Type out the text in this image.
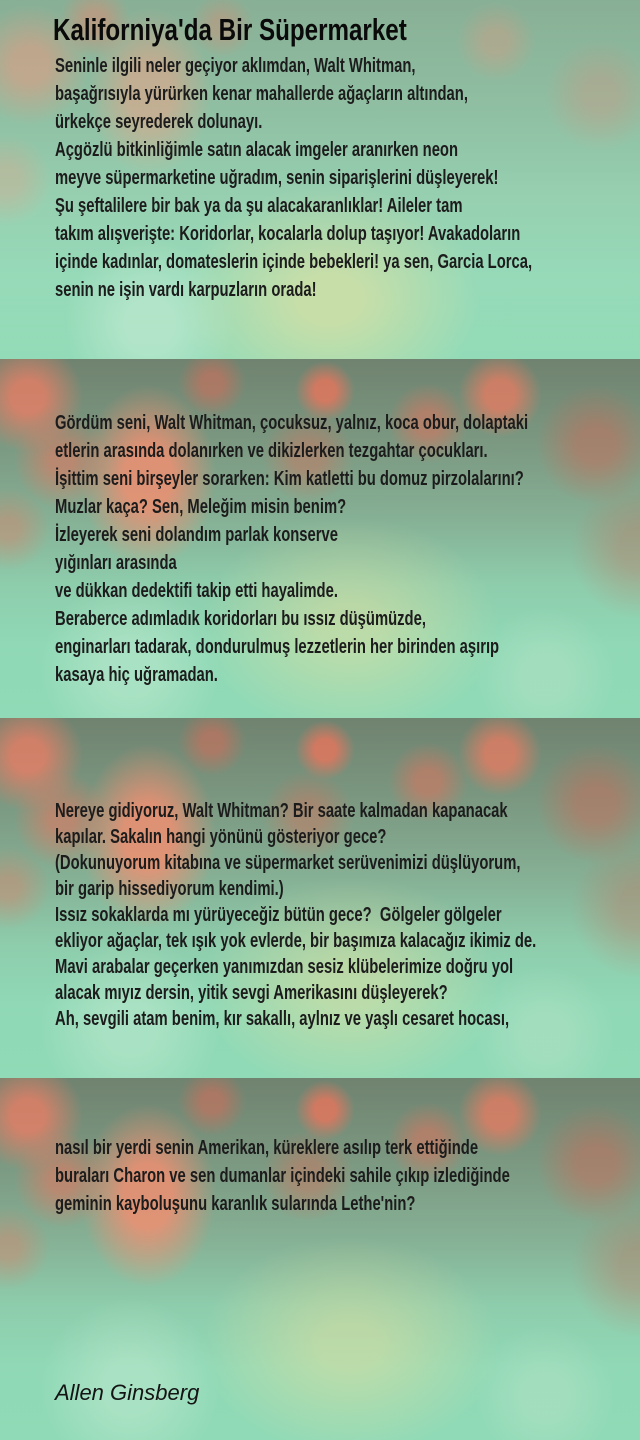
Kaliforniya'da Bir Süpermarket
Seninle ilgili neler geçiyor aklımdan, Walt Whitman,
başağrısıyla yürürken kenar mahallerde ağaçların altından,
ürkekçe seyrederek dolunayı.
Açgözlü bitkinliğimle satın alacak imgeler aranırken neon
meyve süpermarketine uğradım, senin siparişlerini düşleyerek!
Şu şeftalilere bir bak ya da şu alacakaranlıklar! Aileler tam
takım alışverişte: Koridorlar, kocalarla dolup taşıyor! Avakadoların
içinde kadınlar, domateslerin içinde bebekleri! ya sen, Garcia Lorca,
senin ne işin vardı karpuzların orada!
Gördüm seni, Walt Whitman, çocuksuz, yalnız, koca obur, dolaptaki
etlerin arasında dolanırken ve dikizlerken tezgahtar çocukları.
İşittim seni birşeyler sorarken: Kim katletti bu domuz pirzolalarını?
Muzlar kaça? Sen, Meleğim misin benim?
İzleyerek seni dolandım parlak konserve
yığınları arasında
ve dükkan dedektifi takip etti hayalimde.
Beraberce adımladık koridorları bu ıssız düşümüzde,
enginarları tadarak, dondurulmuş lezzetlerin her birinden aşırıp
kasaya hiç uğramadan.
Nereye gidiyoruz, Walt Whitman? Bir saate kalmadan kapanacak
kapılar. Sakalın hangi yönünü gösteriyor gece?
(Dokunuyorum kitabına ve süpermarket serüvenimizi düşlüyorum,
bir garip hissediyorum kendimi.)
Issız sokaklarda mı yürüyeceğiz bütün gece?  Gölgeler gölgeler
ekliyor ağaçlar, tek ışık yok evlerde, bir başımıza kalacağız ikimiz de.
Mavi arabalar geçerken yanımızdan sesiz klübelerimize doğru yol
alacak mıyız dersin, yitik sevgi Amerikasını düşleyerek?
Ah, sevgili atam benim, kır sakallı, aylnız ve yaşlı cesaret hocası,
nasıl bir yerdi senin Amerikan, küreklere asılıp terk ettiğinde
buraları Charon ve sen dumanlar içindeki sahile çıkıp izlediğinde
geminin kayboluşunu karanlık sularında Lethe'nin?
Allen Ginsberg
